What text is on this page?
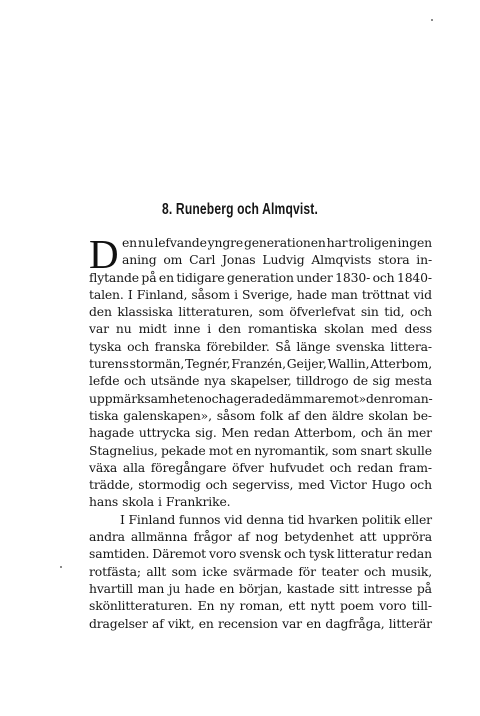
8. Runeberg och Almqvist.
D en nu lefvande yngre generationen har troligen ingen
aning om Carl Jonas Ludvig Almqvists stora in-
flytande på en tidigare generation under 1830- och 1840-
talen. I Finland, såsom i Sverige, hade man tröttnat vid
den klassiska litteraturen, som öfverlefvat sin tid, och
var nu midt inne i den romantiska skolan med dess
tyska och franska förebilder. Så länge svenska littera-
turens stormän, Tegnér, Franzén, Geijer, Wallin, Atterbom,
lefde och utsände nya skapelser, tilldrogo de sig mesta
uppmärksamheten och agerade dämmare mot »den roman-
tiska galenskapen», såsom folk af den äldre skolan be-
hagade uttrycka sig. Men redan Atterbom, och än mer
Stagnelius, pekade mot en nyromantik, som snart skulle
växa alla föregångare öfver hufvudet och redan fram-
trädde, stormodig och segerviss, med Victor Hugo och
hans skola i Frankrike.
I Finland funnos vid denna tid hvarken politik eller
andra allmänna frågor af nog betydenhet att uppröra
samtiden. Däremot voro svensk och tysk litteratur redan
rotfästa; allt som icke svärmade för teater och musik,
hvartill man ju hade en början, kastade sitt intresse på
skönlitteraturen. En ny roman, ett nytt poem voro till-
dragelser af vikt, en recension var en dagfråga, litterär
